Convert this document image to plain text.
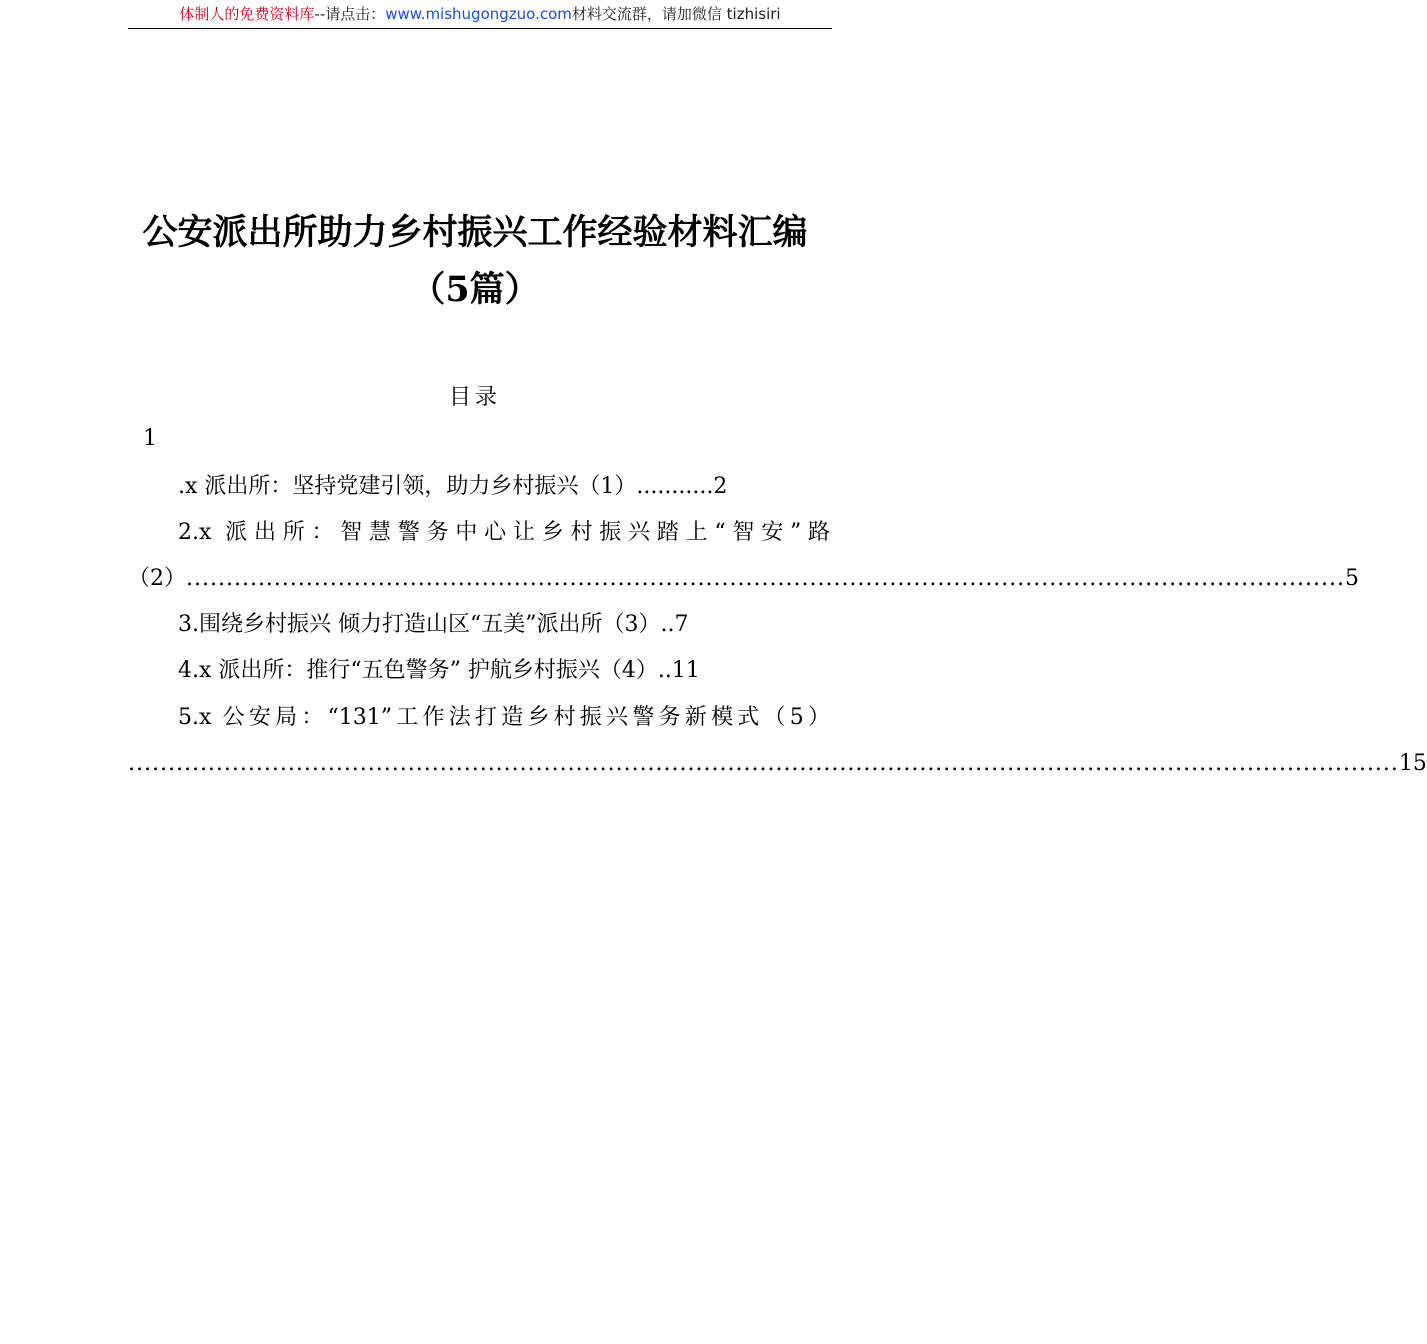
体制人的免费资料库--请点击：www.mishugongzuo.com材料交流群，请加微信 tizhisiri
公安派出所助力乡村振兴工作经验材料汇编
（5篇）
目录
1
.x 派出所：坚持党建引领，助力乡村振兴（1）...........2
2.x 派出所：智慧警务中心让乡村振兴踏上“智安”路
（2） ................................................................................................................................................. 5
3.围绕乡村振兴 倾力打造山区“五美”派出所（3）..7
4.x 派出所：推行“五色警务” 护航乡村振兴（4）..11
5.x 公安局：“131”工作法打造乡村振兴警务新模式（5）
............................................................................................................................................................... 15
